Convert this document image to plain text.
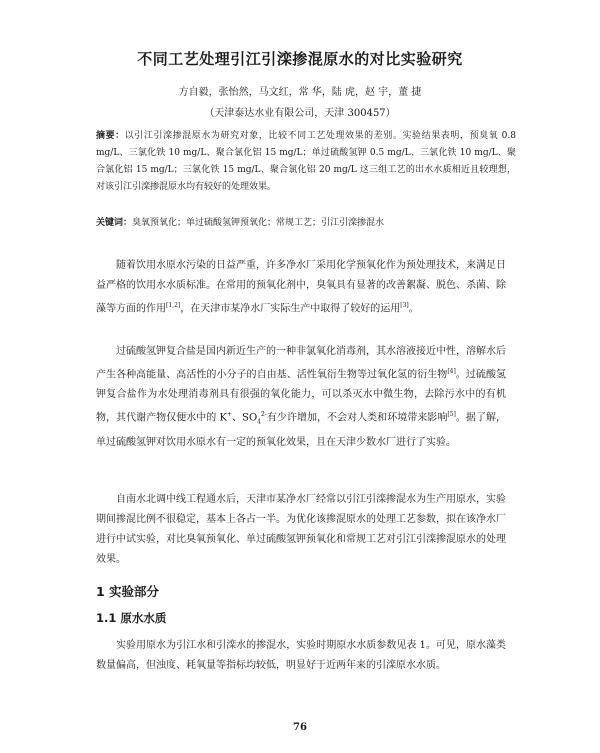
不同工艺处理引江引滦掺混原水的对比实验研究
方自毅，张怡然，马文红，常 华，陆 虎，赵 宇，董 捷
（天津泰达水业有限公司，天津 300457）

摘要：以引江引滦掺混原水为研究对象，比较不同工艺处理效果的差别。实验结果表明，预臭氧 0.8 mg/L、三氯化铁 10 mg/L、聚合氯化铝 15 mg/L；单过硫酸氢钾 0.5 mg/L、三氯化铁 10 mg/L、聚合氯化铝 15 mg/L；三氯化铁 15 mg/L、聚合氯化铝 20 mg/L 这三组工艺的出水水质相近且较理想，对该引江引滦掺混原水均有较好的处理效果。

关键词：臭氧预氧化；单过硫酸氢钾预氧化；常规工艺；引江引滦掺混水

随着饮用水原水污染的日益严重，许多净水厂采用化学预氧化作为预处理技术，来满足日益严格的饮用水水质标准。在常用的预氧化剂中，臭氧具有显著的改善絮凝、脱色、杀菌、除藻等方面的作用[1,2]，在天津市某净水厂实际生产中取得了较好的运用[3]。

过硫酸氢钾复合盐是国内新近生产的一种非氯氧化消毒剂，其水溶液接近中性，溶解水后产生各种高能量、高活性的小分子的自由基、活性氧衍生物等过氧化氢的衍生物[4]。过硫酸氢钾复合盐作为水处理消毒剂具有很强的氧化能力，可以杀灭水中微生物，去除污水中的有机物，其代谢产物仅便水中的 K+、$SO_4^{2-}$有少许增加，不会对人类和环境带来影响[5]。据了解，单过硫酸氢钾对饮用水原水有一定的预氧化效果，且在天津少数水厂进行了实验。

自南水北调中线工程通水后，天津市某净水厂经常以引江引滦掺混水为生产用原水，实验期间掺混比例不很稳定，基本上各占一半。为优化该掺混原水的处理工艺参数，拟在该净水厂进行中试实验，对比臭氧预氧化、单过硫酸氢钾预氧化和常规工艺对引江引滦掺混原水的处理效果。

1 实验部分
1.1 原水水质

实验用原水为引江水和引滦水的掺混水，实验时期原水水质参数见表 1。可见，原水藻类数量偏高，但浊度、耗氧量等指标均较低，明显好于近两年来的引滦原水水质。

76
